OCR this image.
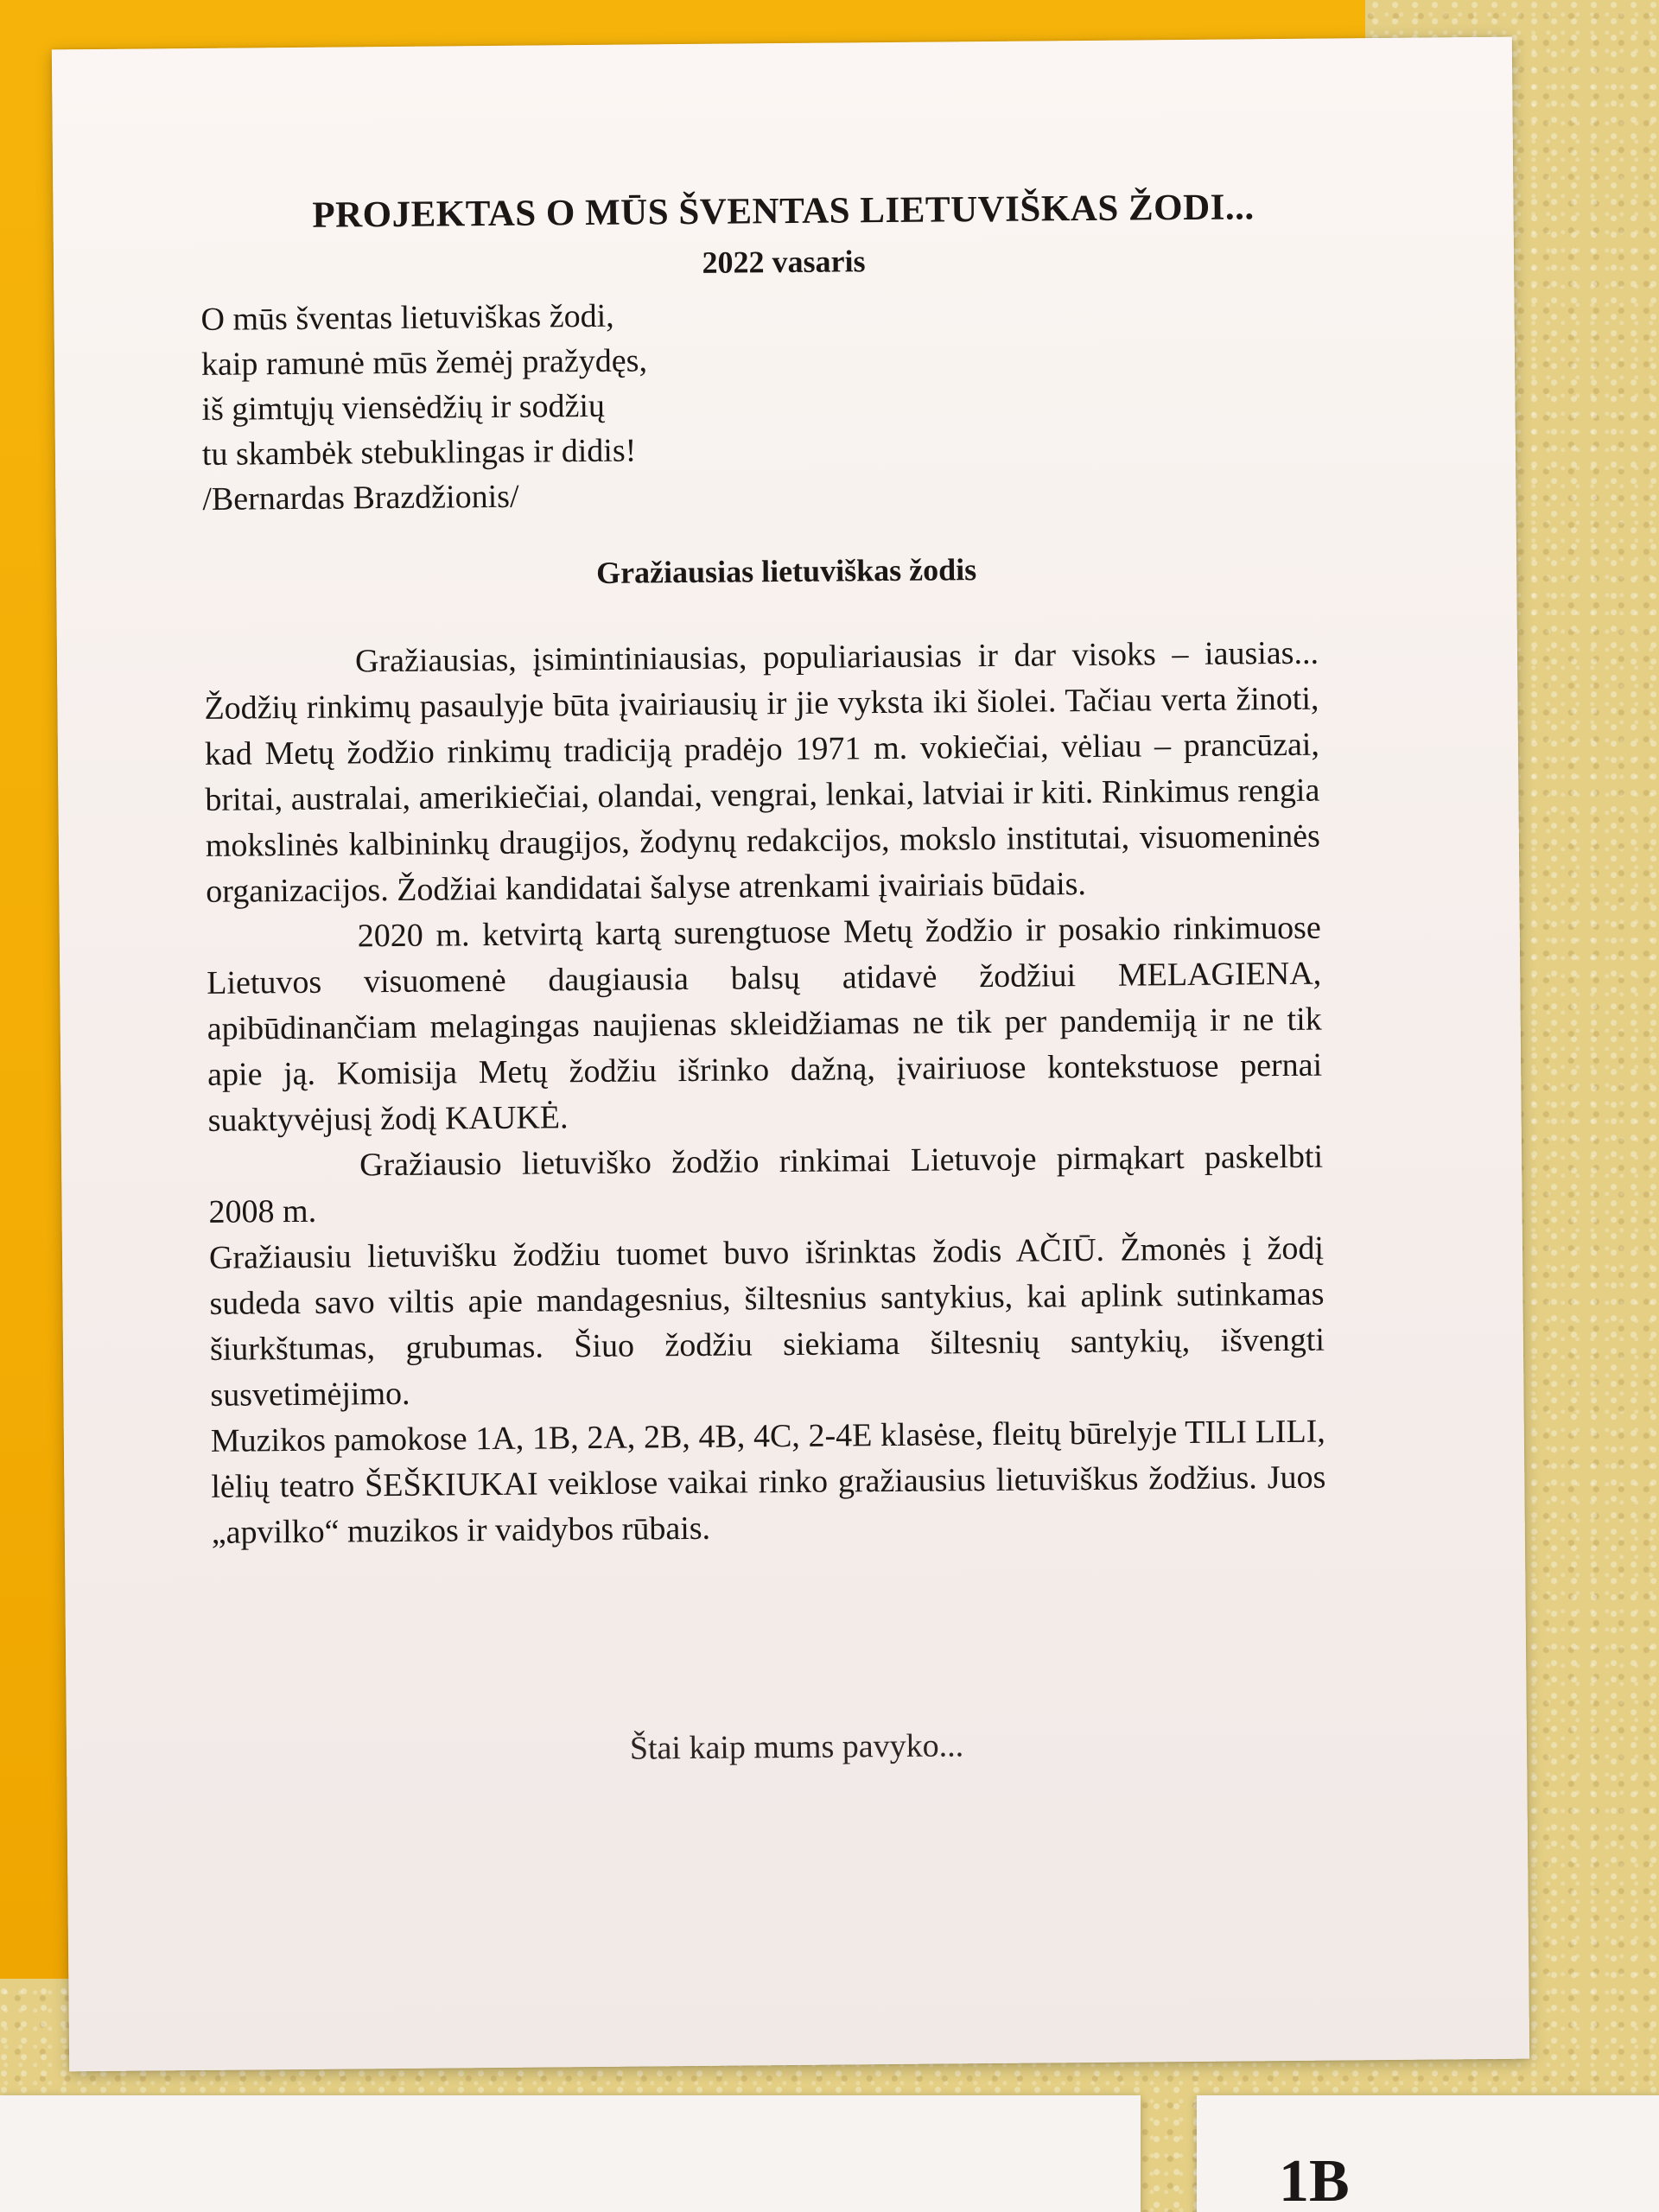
PROJEKTAS O MŪS ŠVENTAS LIETUVIŠKAS ŽODI...
2022 vasaris
O mūs šventas lietuviškas žodi,
kaip ramunė mūs žemėj pražydęs,
iš gimtųjų viensėdžių ir sodžių
tu skambėk stebuklingas ir didis!
/Bernardas Brazdžionis/
Gražiausias lietuviškas žodis

Gražiausias, įsimintiniausias, populiariausias ir dar visoks – iausias... Žodžių rinkimų pasaulyje būta įvairiausių ir jie vyksta iki šiolei. Tačiau verta žinoti, kad Metų žodžio rinkimų tradiciją pradėjo 1971 m. vokiečiai, vėliau – prancūzai, britai, australai, amerikiečiai, olandai, vengrai, lenkai, latviai ir kiti. Rinkimus rengia mokslinės kalbininkų draugijos, žodynų redakcijos, mokslo institutai, visuomeninės organizacijos. Žodžiai kandidatai šalyse atrenkami įvairiais būdais.

2020 m. ketvirtą kartą surengtuose Metų žodžio ir posakio rinkimuose Lietuvos visuomenė daugiausia balsų atidavė žodžiui MELAGIENA, apibūdinančiam melagingas naujienas skleidžiamas ne tik per pandemiją ir ne tik apie ją. Komisija Metų žodžiu išrinko dažną, įvairiuose kontekstuose pernai suaktyvėjusį žodį KAUKĖ.

Gražiausio lietuviško žodžio rinkimai Lietuvoje pirmąkart paskelbti 2008 m.

Gražiausiu lietuvišku žodžiu tuomet buvo išrinktas žodis AČIŪ. Žmonės į žodį sudeda savo viltis apie mandagesnius, šiltesnius santykius, kai aplink sutinkamas šiurkštumas, grubumas. Šiuo žodžiu siekiama šiltesnių santykių, išvengti susvetimėjimo.

Muzikos pamokose 1A, 1B, 2A, 2B, 4B, 4C, 2-4E klasėse, fleitų būrelyje TILI LILI, lėlių teatro ŠEŠKIUKAI veiklose vaikai rinko gražiausius lietuviškus žodžius. Juos „apvilko“ muzikos ir vaidybos rūbais.

Štai kaip mums pavyko...

1B
